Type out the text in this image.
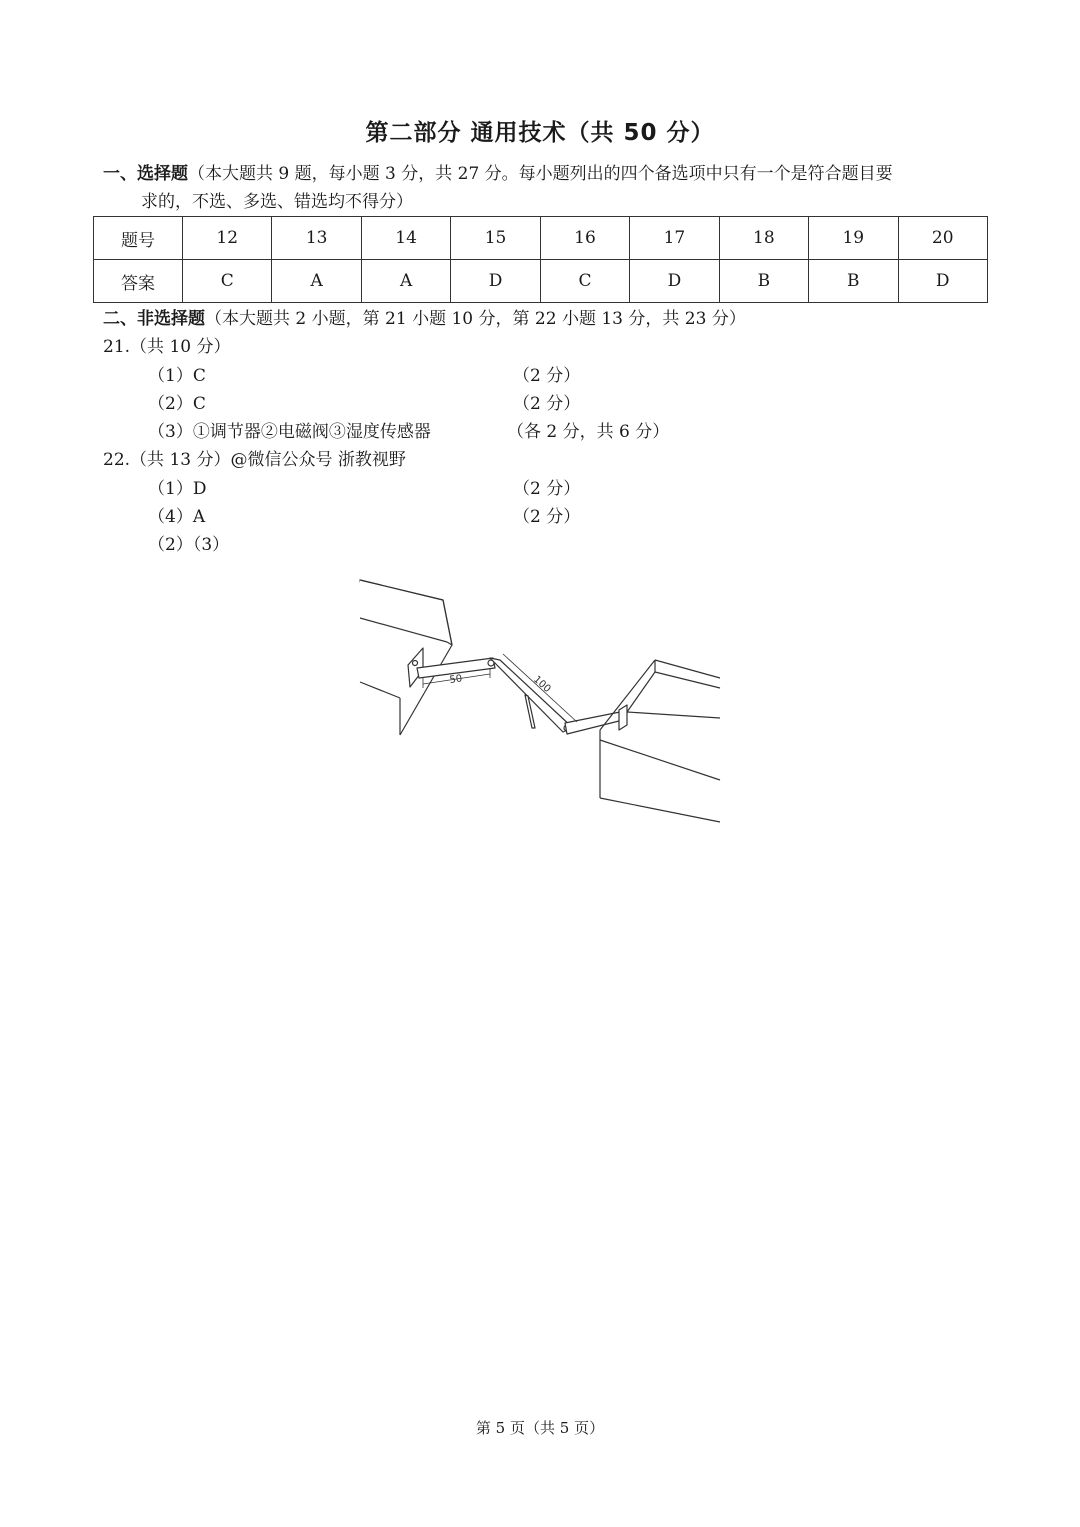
第二部分 通用技术（共 50 分）
一、选择题（本大题共 9 题，每小题 3 分，共 27 分。每小题列出的四个备选项中只有一个是符合题目要
求的，不选、多选、错选均不得分）
题号	12	13	14	15	16	17	18	19	20
答案	C	A	A	D	C	D	B	B	D
二、非选择题（本大题共 2 小题，第 21 小题 10 分，第 22 小题 13 分，共 23 分）
21.（共 10 分）
（1）C	（2 分）
（2）C	（2 分）
（3）①调节器②电磁阀③湿度传感器	（各 2 分，共 6 分）
22.（共 13 分）@微信公众号 浙教视野
（1）D	（2 分）
（4）A	（2 分）
（2）（3）
50	100
第 5 页（共 5 页）
